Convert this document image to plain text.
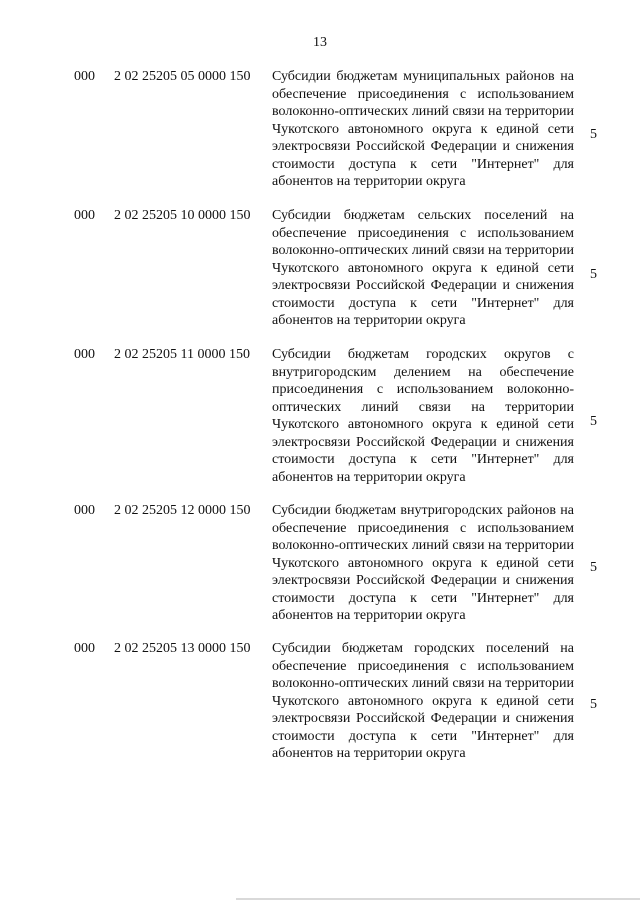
13
000 2 02 25205 05 0000 150 Субсидии бюджетам муниципальных районов на обеспечение присоединения с использованием волоконно-оптических линий связи на территории Чукотского автономного округа к единой сети электросвязи Российской Федерации и снижения стоимости доступа к сети "Интернет" для абонентов на территории округа
5
000 2 02 25205 10 0000 150 Субсидии бюджетам сельских поселений на обеспечение присоединения с использованием волоконно-оптических линий связи на территории Чукотского автономного округа к единой сети электросвязи Российской Федерации и снижения стоимости доступа к сети "Интернет" для абонентов на территории округа
5
000 2 02 25205 11 0000 150 Субсидии бюджетам городских округов с внутригородским делением на обеспечение присоединения с использованием волоконно-оптических линий связи на территории Чукотского автономного округа к единой сети электросвязи Российской Федерации и снижения стоимости доступа к сети "Интернет" для абонентов на территории округа
5
000 2 02 25205 12 0000 150 Субсидии бюджетам внутригородских районов на обеспечение присоединения с использованием волоконно-оптических линий связи на территории Чукотского автономного округа к единой сети электросвязи Российской Федерации и снижения стоимости доступа к сети "Интернет" для абонентов на территории округа
5
000 2 02 25205 13 0000 150 Субсидии бюджетам городских поселений на обеспечение присоединения с использованием волоконно-оптических линий связи на территории Чукотского автономного округа к единой сети электросвязи Российской Федерации и снижения стоимости доступа к сети "Интернет" для абонентов на территории округа
5
